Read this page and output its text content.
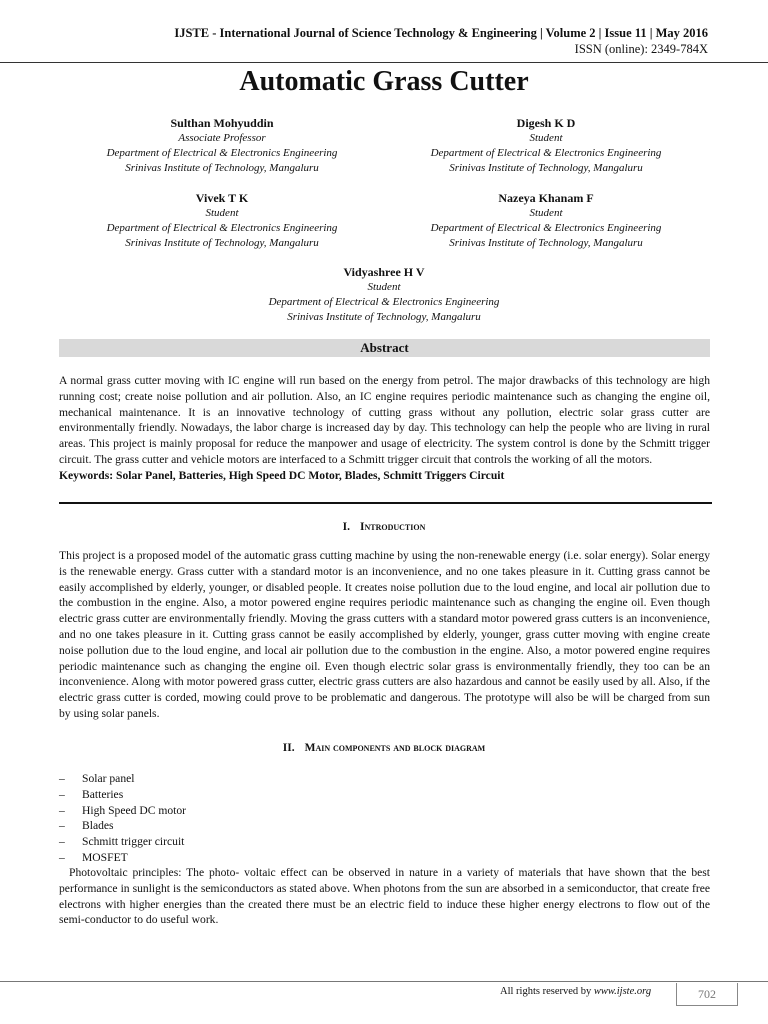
IJSTE - International Journal of Science Technology & Engineering | Volume 2 | Issue 11 | May 2016
ISSN (online): 2349-784X
Automatic Grass Cutter
Sulthan Mohyuddin
Associate Professor
Department of Electrical & Electronics Engineering
Srinivas Institute of Technology, Mangaluru
Digesh K D
Student
Department of Electrical & Electronics Engineering
Srinivas Institute of Technology, Mangaluru
Vivek T K
Student
Department of Electrical & Electronics Engineering
Srinivas Institute of Technology, Mangaluru
Nazeya Khanam F
Student
Department of Electrical & Electronics Engineering
Srinivas Institute of Technology, Mangaluru
Vidyashree H V
Student
Department of Electrical & Electronics Engineering
Srinivas Institute of Technology, Mangaluru
Abstract
A normal grass cutter moving with IC engine will run based on the energy from petrol. The major drawbacks of this technology are high running cost; create noise pollution and air pollution. Also, an IC engine requires periodic maintenance such as changing the engine oil, mechanical maintenance. It is an innovative technology of cutting grass without any pollution, electric solar grass cutter are environmentally friendly. Nowadays, the labor charge is increased day by day. This technology can help the people who are living in rural areas. This project is mainly proposal for reduce the manpower and usage of electricity. The system control is done by the Schmitt trigger circuit. The grass cutter and vehicle motors are interfaced to a Schmitt trigger circuit that controls the working of all the motors.
Keywords: Solar Panel, Batteries, High Speed DC Motor, Blades, Schmitt Triggers Circuit
I. Introduction
This project is a proposed model of the automatic grass cutting machine by using the non-renewable energy (i.e. solar energy). Solar energy is the renewable energy. Grass cutter with a standard motor is an inconvenience, and no one takes pleasure in it. Cutting grass cannot be easily accomplished by elderly, younger, or disabled people. It creates noise pollution due to the loud engine, and local air pollution due to the combustion in the engine. Also, a motor powered engine requires periodic maintenance such as changing the engine oil. Even though electric grass cutter are environmentally friendly. Moving the grass cutters with a standard motor powered grass cutters is an inconvenience, and no one takes pleasure in it. Cutting grass cannot be easily accomplished by elderly, younger, grass cutter moving with engine create noise pollution due to the loud engine, and local air pollution due to the combustion in the engine. Also, a motor powered engine requires periodic maintenance such as changing the engine oil. Even though electric solar grass is environmentally friendly, they too can be an inconvenience. Along with motor powered grass cutter, electric grass cutters are also hazardous and cannot be easily used by all. Also, if the electric grass cutter is corded, mowing could prove to be problematic and dangerous. The prototype will also be will be charged from sun by using solar panels.
II. Main components and block diagram
– Solar panel
– Batteries
– High Speed DC motor
– Blades
– Schmitt trigger circuit
– MOSFET
Photovoltaic principles: The photo- voltaic effect can be observed in nature in a variety of materials that have shown that the best performance in sunlight is the semiconductors as stated above. When photons from the sun are absorbed in a semiconductor, that create free electrons with higher energies than the created there must be an electric field to induce these higher energy electrons to flow out of the semi-conductor to do useful work.
All rights reserved by www.ijste.org	702
